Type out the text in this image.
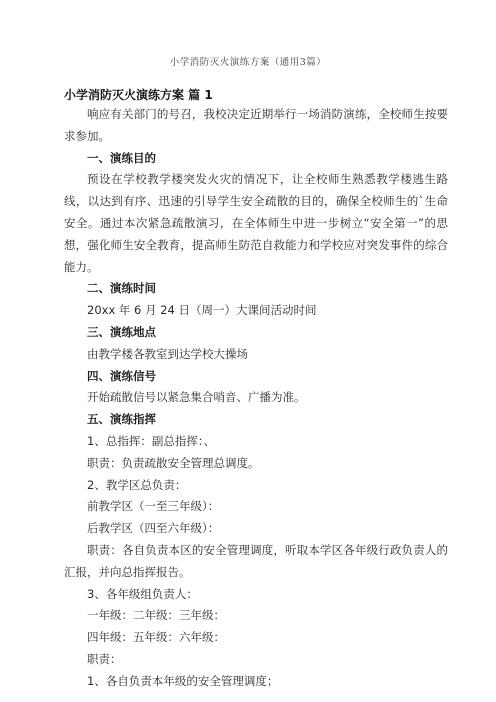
小学消防灭火演练方案（通用3篇）

小学消防灭火演练方案 篇 1

响应有关部门的号召，我校决定近期举行一场消防演练，全校师生按要求参加。

一、演练目的

预设在学校教学楼突发火灾的情况下，让全校师生熟悉教学楼逃生路线，以达到有序、迅速的引导学生安全疏散的目的，确保全校师生的`生命安全。通过本次紧急疏散演习，在全体师生中进一步树立“安全第一”的思想，强化师生安全教育，提高师生防范自救能力和学校应对突发事件的综合能力。

二、演练时间

20xx 年 6 月 24 日（周一）大课间活动时间

三、演练地点

由教学楼各教室到达学校大操场

四、演练信号

开始疏散信号以紧急集合哨音、广播为准。

五、演练指挥

1、总指挥：副总指挥：、

职责：负责疏散安全管理总调度。

2、教学区总负责：

前教学区（一至三年级）：

后教学区（四至六年级）：

职责：各自负责本区的安全管理调度，听取本学区各年级行政负责人的汇报，并向总指挥报告。

3、各年级组负责人：

一年级：二年级：三年级：

四年级：五年级：六年级：

职责：

1、各自负责本年级的安全管理调度；
